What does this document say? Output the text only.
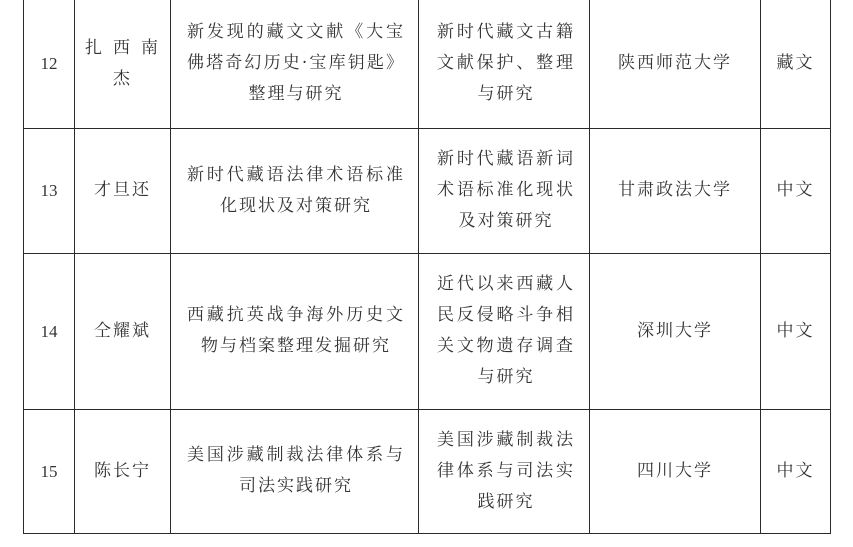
12	扎西南杰	新发现的藏文文献《大宝佛塔奇幻历史·宝库钥匙》整理与研究	新时代藏文古籍文献保护、整理与研究	陕西师范大学	藏文
13	才旦还	新时代藏语法律术语标准化现状及对策研究	新时代藏语新词术语标准化现状及对策研究	甘肃政法大学	中文
14	仝耀斌	西藏抗英战争海外历史文物与档案整理发掘研究	近代以来西藏人民反侵略斗争相关文物遗存调查与研究	深圳大学	中文
15	陈长宁	美国涉藏制裁法律体系与司法实践研究	美国涉藏制裁法律体系与司法实践研究	四川大学	中文
